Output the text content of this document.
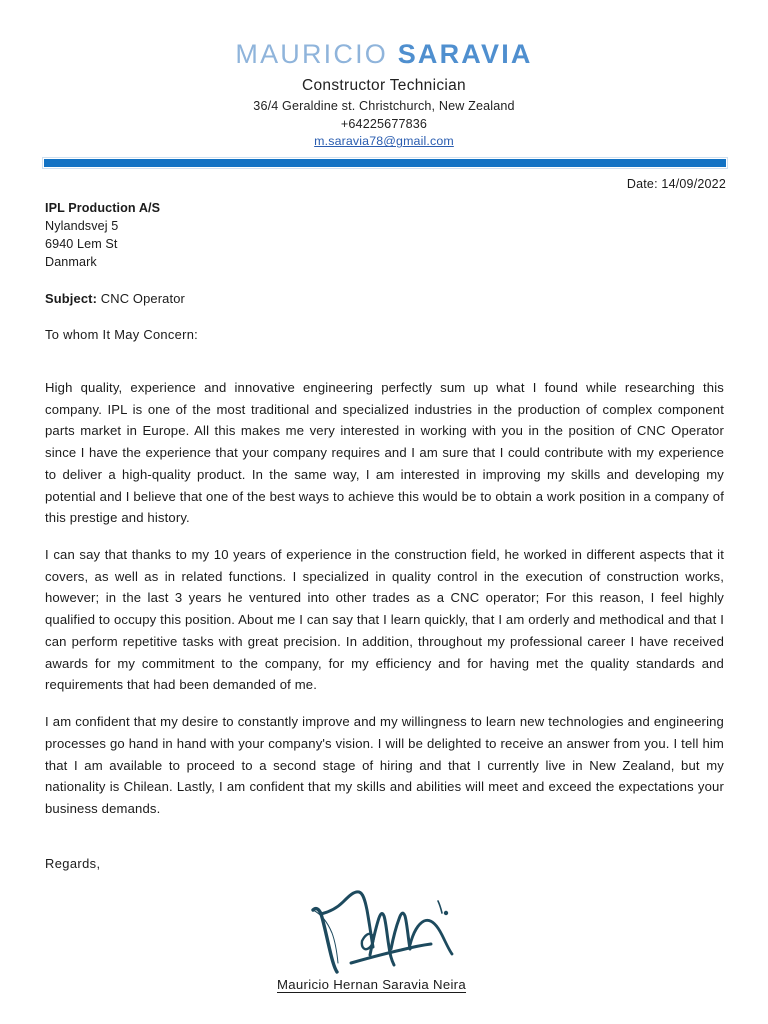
MAURICIO SARAVIA
Constructor Technician
36/4 Geraldine st. Christchurch, New Zealand
+64225677836
m.saravia78@gmail.com
Date: 14/09/2022
IPL Production A/S
Nylandsvej 5
6940 Lem St
Danmark
Subject: CNC Operator
To whom It May Concern:

High quality, experience and innovative engineering perfectly sum up what I found while researching this company. IPL is one of the most traditional and specialized industries in the production of complex component parts market in Europe. All this makes me very interested in working with you in the position of CNC Operator since I have the experience that your company requires and I am sure that I could contribute with my experience to deliver a high-quality product. In the same way, I am interested in improving my skills and developing my potential and I believe that one of the best ways to achieve this would be to obtain a work position in a company of this prestige and history.

I can say that thanks to my 10 years of experience in the construction field, he worked in different aspects that it covers, as well as in related functions. I specialized in quality control in the execution of construction works, however; in the last 3 years he ventured into other trades as a CNC operator; For this reason, I feel highly qualified to occupy this position. About me I can say that I learn quickly, that I am orderly and methodical and that I can perform repetitive tasks with great precision. In addition, throughout my professional career I have received awards for my commitment to the company, for my efficiency and for having met the quality standards and requirements that had been demanded of me.

I am confident that my desire to constantly improve and my willingness to learn new technologies and engineering processes go hand in hand with your company's vision. I will be delighted to receive an answer from you. I tell him that I am available to proceed to a second stage of hiring and that I currently live in New Zealand, but my nationality is Chilean. Lastly, I am confident that my skills and abilities will meet and exceed the expectations your business demands.

Regards,
Mauricio Hernan Saravia Neira
